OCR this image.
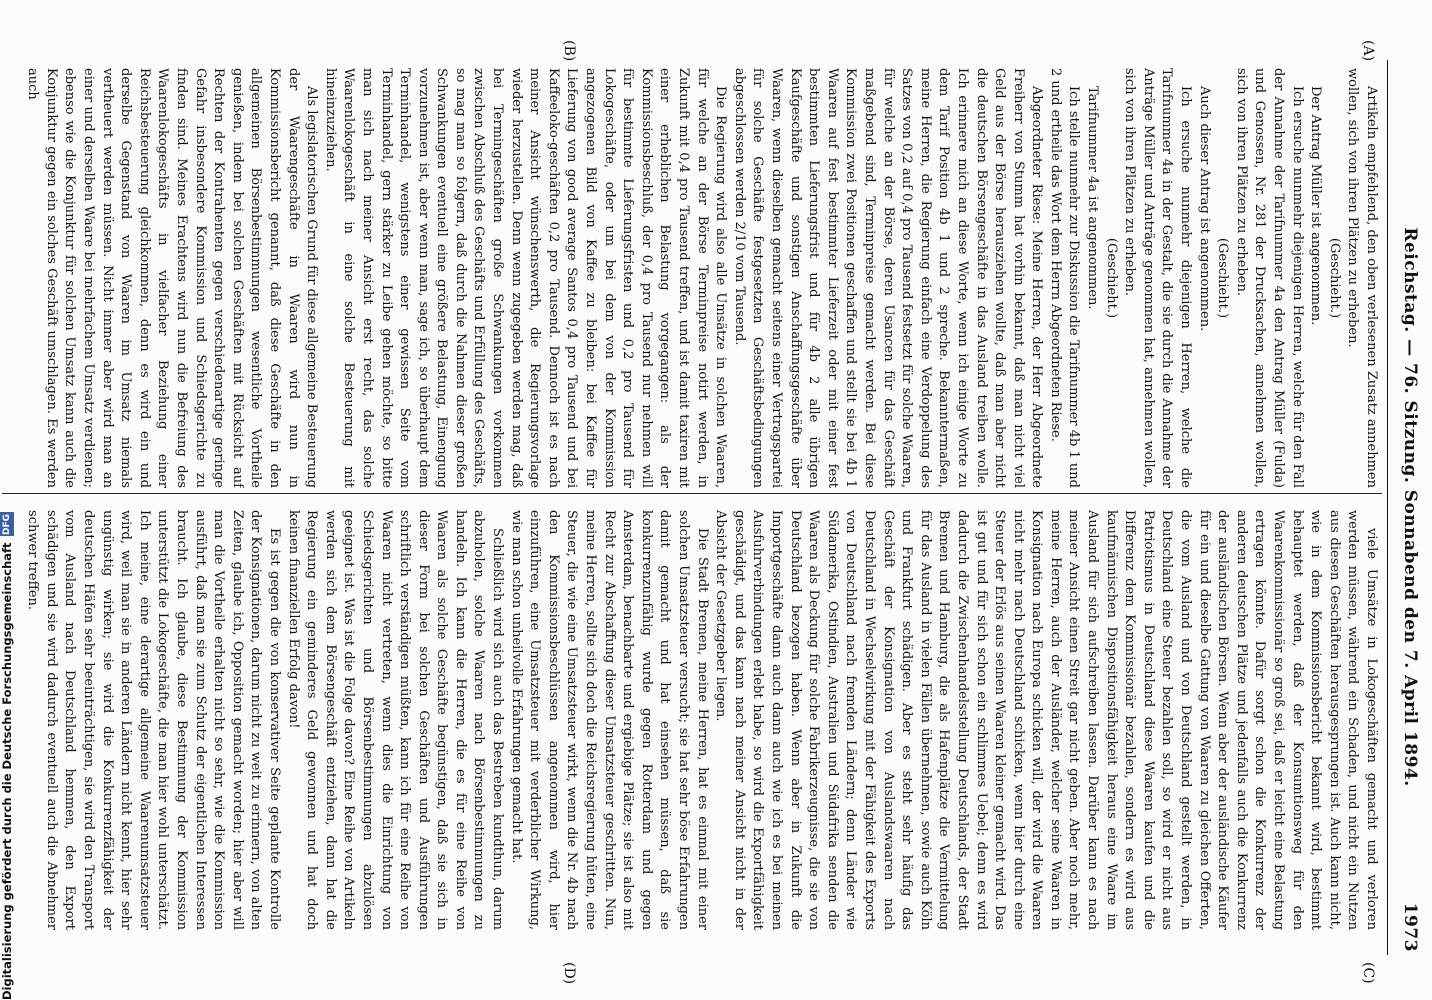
Reichstag. — 76. Sitzung. Sonnabend den 7. April 1894.
1973
(A)
(B)
(C)
(D)

Artikeln empfehlend, den oben verlesenen Zusatz annehmen wollen, sich von ihren Plätzen zu erheben.

(Geschieht.)

Der Antrag Müller ist angenommen.

Ich ersuche nunmehr diejenigen Herren, welche für den Fall der Annahme der Tarifnummer 4a den Antrag Müller (Fulda) und Genossen, Nr. 281 der Drucksachen, annehmen wollen, sich von ihren Plätzen zu erheben.

(Geschieht.)

Auch dieser Antrag ist angenommen.

Ich ersuche nunmehr diejenigen Herren, welche die Tarifnummer 4a in der Gestalt, die sie durch die Annahme der Anträge Müller und Anträge genommen hat, annehmen wollen, sich von ihren Plätzen zu erheben.

(Geschieht.)

Tarifnummer 4a ist angenommen.

Ich stelle nunmehr zur Diskussion die Tarifnummer 4b 1 und 2 und ertheile das Wort dem Herrn Abgeordneten Riese.

Abgeordneter Riese: Meine Herren, der Herr Abgeordnete Freiherr von Stumm hat vorhin bekannt, daß man nicht viel Geld aus der Börse herausziehen wollte, daß man aber nicht die deutschen Börsengeschäfte in das Ausland treiben wolle. Ich erinnere mich an diese Worte, wenn ich einige Worte zu dem Tarif Position 4b 1 und 2 spreche. Bekanntermaßen, meine Herren, die Regierung einfach eine Verdoppelung des Satzes von 0,2 auf 0,4 pro Tausend festsetzt für solche Waaren, für welche an der Börse, deren Usancen für das Geschäft maßgebend sind, Terminpreise gemacht werden. Bei diese Kommission zwei Positionen geschaffen und stellt sie bei 4b 1 Waaren auf fest bestimmter Lieferzeit oder mit einer fest bestimmten Lieferungsfrist und für 4b 2 alle übrigen Kaufgeschäfte und sonstigen Anschaffungsgeschäfte über Waaren, wenn dieselben gemacht seitens einer Vertragspartei für solche Geschäfte festgesetzten Geschäftsbedingungen abgeschlossen werden 2/10 vom Tausend.

Die Regierung wird also alle Umsätze in solchen Waaren, für welche an der Börse Terminpreise notirt werden, in Zukunft mit 0,4 pro Tausend treffen, und ist damit taxiren mit einer erheblichen Belastung vorgegangen: als der Kommissionsbeschluß, der 0,4 pro Tausend nur nehmen will für bestimmte Lieferungsfristen und 0,2 pro Tausend für Lokogeschäfte, oder um bei dem von der Kommission angezogenen Bild von Kaffee zu bleiben: bei Kaffee für Lieferung von good average Santos 0,4 pro Tausend und bei Kaffeeloko-geschäften 0,2 pro Tausend. Dennoch ist es nach meiner Ansicht wünschenswerth, die Regierungsvorlage wieder herzustellen. Denn wenn zugegeben werden mag, daß bei Termingeschäften große Schwankungen vorkommen zwischen Abschluß des Geschäfts und Erfüllung des Geschäfts, so mag man so folgern, daß durch die Nahmen dieser großen Schwankungen eventuell eine größere Belastung, Einengung vorzunehmen ist, aber wenn man, sage ich, so überhaupt dem Terminhandel, wenigstens einer gewissen Seite vom Terminhandel, gern stärker zu Leibe gehen möchte, so bitte man sich nach meiner Ansicht erst recht, das solche Waarenlokogeschäft in eine solche Besteuerung mit hineinzuziehen.

Als legislatorischen Grund für diese allgemeine Besteuerung der Waarengeschäfte in Waaren wird nun in Kommissionsbericht genannt, daß diese Geschäfte in den allgemeinen Börsenbestimmungen wesentliche Vortheile genießen, indem bei solchen Geschäften mit Rücksicht auf Rechten der Kontrahenten gegen verschiedenartige geringe Gefahr insbesondere Kommission und Schiedsgerichte zu finden sind. Meines Erachtens wird nun die Befreiung des Waarenlokogeschäfts in vielfacher Beziehung einer Reichsbesteuerung gleichkommen, denn es wird ein und derselbe Gegenstand von Waaren im Umsatz niemals vertheuert werden müssen. Nicht immer aber wird man an einer und derselben Waare bei mehrfachem Umsatz verdienen; ebenso wie die Konjunktur für solchen Umsatz kann auch die Konjunktur gegen ein solches Geschäft umschlagen. Es werden auch

viele Umsätze in Lokogeschäften gemacht und verloren werden müssen, während ein Schaden, und nicht ein Nutzen aus diesen Geschäften herausgesprungen ist. Auch kann nicht, wie in dem Kommissionsbericht bekannt wird, bestimmt behauptet werden, daß der Konsumtionsweg für den Waarenkommissionär so groß sei, daß er leicht eine Belastung ertragen könnte. Dafür sorgt schon die Konkurrenz der anderen deutschen Plätze und jedenfalls auch die Konkurrenz der ausländischen Börsen. Wenn aber der ausländische Käufer für ein und dieselbe Gattung von Waaren zu gleichen Offerten, die vom Ausland und von Deutschland gestellt werden, in Deutschland eine Steuer bezahlen soll, so wird er nicht aus Patriotismus in Deutschland diese Waaren kaufen und die Differenz dem Kommissionär bezahlen, sondern es wird aus kaufmännischen Dispositionsfähigkeit heraus eine Waare im Ausland für sich aufschreiben lassen. Darüber kann es nach meiner Ansicht einen Streit gar nicht geben. Aber noch mehr, meine Herren, auch der Ausländer, welcher seine Waaren in Konsignation nach Europa schicken will, der wird die Waaren nicht mehr nach Deutschland schicken, wenn hier durch eine Steuer der Erlös aus seinen Waaren kleiner gemacht wird. Das ist gut und für sich schon ein schlimmes Uebel; denn es wird dadurch die Zwischenhandelsstellung Deutschlands, der Stadt Bremen und Hamburg, die als Hafenplätze die Vermittelung für das Ausland in vielen Fällen übernehmen, sowie auch Köln und Frankfurt schädigen. Aber es steht sehr häufig das Geschäft der Konsignation von Auslandswaaren nach Deutschland in Wechselwirkung mit der Fähigkeit des Exports von Deutschland nach fremden Ländern; denn Länder wie Südamerika, Ostindien, Australien und Südafrika senden die Waaren als Deckung für solche Fabrikerzeugnisse, die sie von Deutschland bezogen haben. Wenn aber in Zukunft die Importgeschäfte dann auch dann auch wie ich es bei meinen Ausfuhrverbindungen erlebt habe, so wird die Exportfähigkeit geschädigt, und das kann nach meiner Ansicht nicht in der Absicht der Gesetzgeber liegen.

Die Stadt Bremen, meine Herren, hat es einmal mit einer solchen Umsatzsteuer versucht; sie hat sehr böse Erfahrungen damit gemacht und hat einsehen müssen, daß sie konkurrenzunfähig wurde gegen Rotterdam und gegen Amsterdam, benachbarte und ergiebige Plätze; sie ist also mit Recht zur Abschaffung dieser Umsatzsteuer geschritten. Nun, meine Herren, sollte sich doch die Reichsregierung hüten, eine Steuer, die wie eine Umsatzsteuer wirkt, wenn die Nr. 4b nach den Kommissionsbeschlüssen angenommen wird, hier einzuführen, eine Umsatzsteuer mit verderblicher Wirkung, wie man schon unheilvolle Erfahrungen gemacht hat.

Schließlich wird sich auch das Bestreben kundthun, darum abzuholen, solche Waaren nach Börsenbestimmungen zu handeln. Ich kann die Herren, die es für eine Reihe von Waaren als solche Geschäfte begünstigen, daß sie sich in dieser Form bei solchen Geschäften und Ausführungen schriftlich verständigen müßten, kann ich für eine Reihe von Waaren nicht vertreten, wenn dies die Einrichtung von Schiedsgerichten und Börsenbestimmungen abzulösen geeignet ist. Was ist die Folge davon? Eine Reihe von Artikeln werden sich dem Börsengeschäft entziehen, dann hat die Regierung ein geminderes Geld gewonnen und hat doch keinen finanziellen Erfolg davon!

Es ist gegen die von konservativer Seite geplante Kontrolle der Konsignationen, darum nicht zu weit zu erinnern, von alten Zeiten, glaube ich, Opposition gemacht worden; hier aber will man die Vortheile erhalten nicht so sehr, wie die Kommission ausführt, daß man sie zum Schutz der eigentlichen Interessen braucht. Ich glaube, diese Bestimmung der Kommission unterstützt die Lokogeschäfte, die man hier wohl unterschätzt. Ich meine, eine derartige allgemeine Waarenumsatzsteuer wird, weil man sie in anderen Ländern nicht kennt, hier sehr ungünstig wirken; sie wird die Konkurrenzfähigkeit der deutschen Häfen sehr beeinträchtigen, sie wird den Transport vom Ausland nach Deutschland hemmen, den Export schädigen und sie wird dadurch eventuell auch die Abnehmer schwer treffen.

Digitalisierung gefördert durch die Deutsche Forschungsgemeinschaft
DFG
